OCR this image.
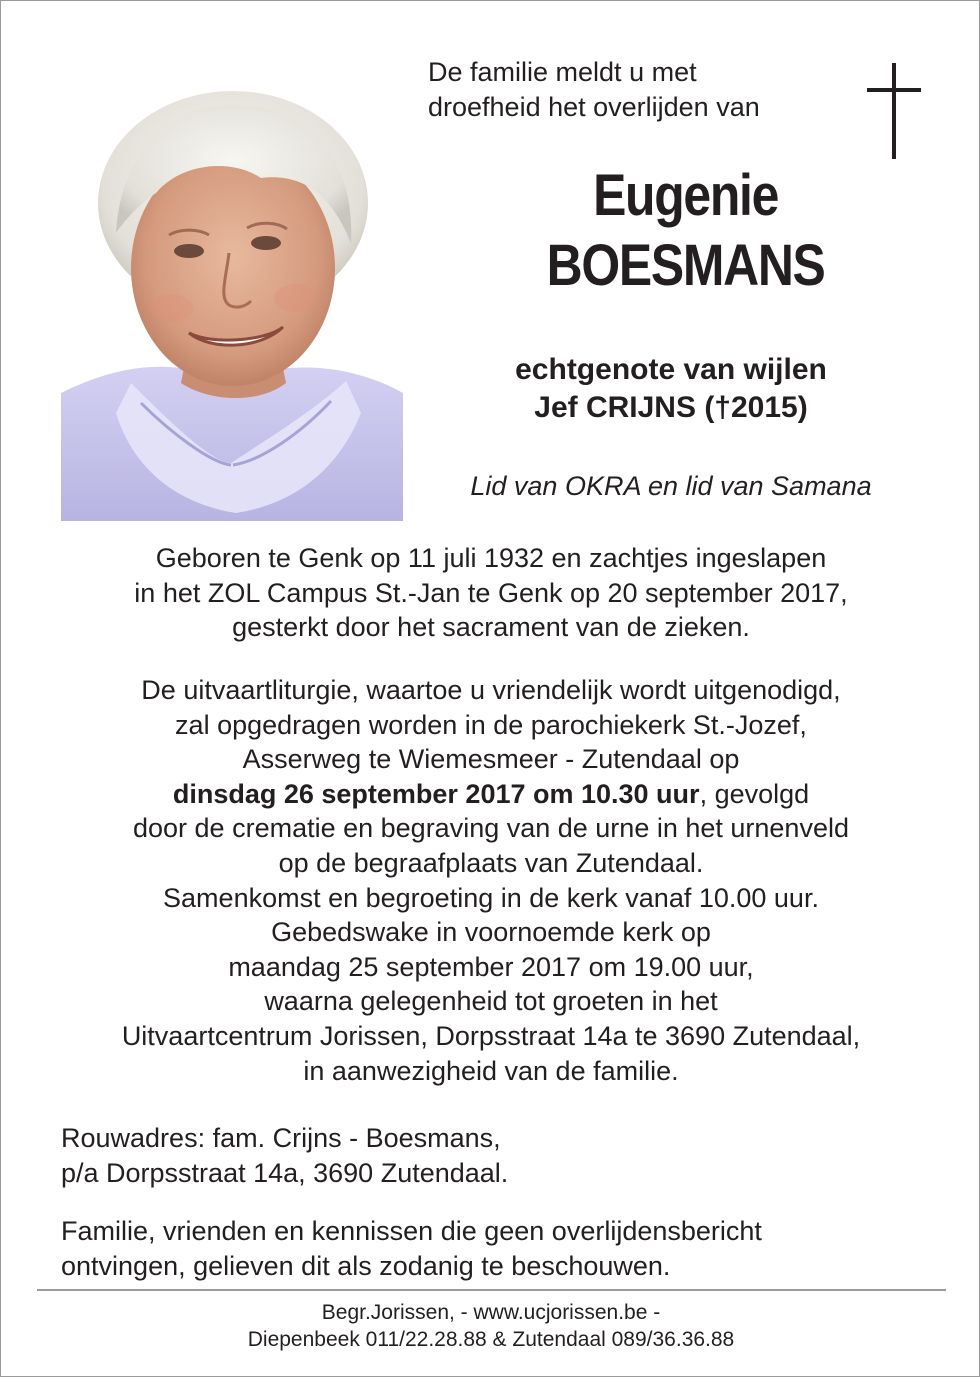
De familie meldt u met
droefheid het overlijden van
Eugenie
BOESMANS
echtgenote van wijlen
Jef CRIJNS (†2015)
Lid van OKRA en lid van Samana
Geboren te Genk op 11 juli 1932 en zachtjes ingeslapen
in het ZOL Campus St.-Jan te Genk op 20 september 2017,
gesterkt door het sacrament van de zieken.
De uitvaartliturgie, waartoe u vriendelijk wordt uitgenodigd,
zal opgedragen worden in de parochiekerk St.-Jozef,
Asserweg te Wiemesmeer - Zutendaal op
dinsdag 26 september 2017 om 10.30 uur, gevolgd
door de crematie en begraving van de urne in het urnenveld
op de begraafplaats van Zutendaal.
Samenkomst en begroeting in de kerk vanaf 10.00 uur.
Gebedswake in voornoemde kerk op
maandag 25 september 2017 om 19.00 uur,
waarna gelegenheid tot groeten in het
Uitvaartcentrum Jorissen, Dorpsstraat 14a te 3690 Zutendaal,
in aanwezigheid van de familie.
Rouwadres: fam. Crijns - Boesmans,
p/a Dorpsstraat 14a, 3690 Zutendaal.
Familie, vrienden en kennissen die geen overlijdensbericht
ontvingen, gelieven dit als zodanig te beschouwen.
Begr.Jorissen, - www.ucjorissen.be -
Diepenbeek 011/22.28.88 & Zutendaal 089/36.36.88
